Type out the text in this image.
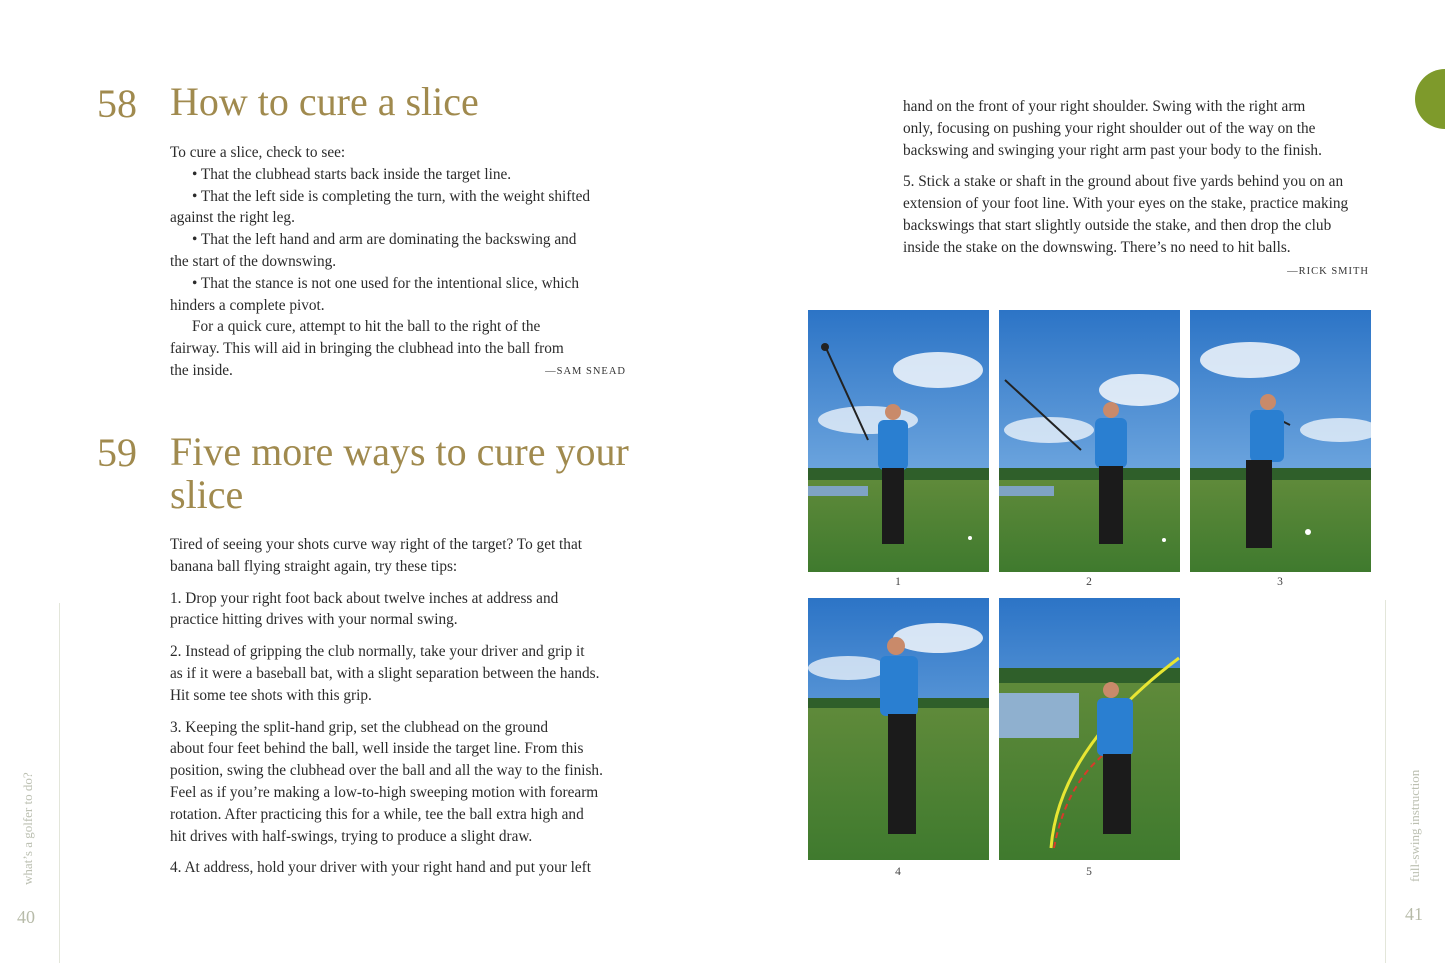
58 How to cure a slice

To cure a slice, check to see:

• That the clubhead starts back inside the target line.

• That the left side is completing the turn, with the weight shifted

against the right leg.

• That the left hand and arm are dominating the backswing and

the start of the downswing.

• That the stance is not one used for the intentional slice, which

hinders a complete pivot.

For a quick cure, attempt to hit the ball to the right of the

fairway. This will aid in bringing the clubhead into the ball from

the inside.	—SAM SNEAD

59 Five more ways to cure your
slice

Tired of seeing your shots curve way right of the target? To get that

banana ball flying straight again, try these tips:

1. Drop your right foot back about twelve inches at address and

practice hitting drives with your normal swing.

2. Instead of gripping the club normally, take your driver and grip it

as if it were a baseball bat, with a slight separation between the hands.

Hit some tee shots with this grip.

3. Keeping the split-hand grip, set the clubhead on the ground

about four feet behind the ball, well inside the target line. From this

position, swing the clubhead over the ball and all the way to the finish.

Feel as if you’re making a low-to-high sweeping motion with forearm

rotation. After practicing this for a while, tee the ball extra high and

hit drives with half-swings, trying to produce a slight draw.

4. At address, hold your driver with your right hand and put your left

what’s a golfer to do?
40

hand on the front of your right shoulder. Swing with the right arm

only, focusing on pushing your right shoulder out of the way on the

backswing and swinging your right arm past your body to the finish.

5. Stick a stake or shaft in the ground about five yards behind you on an

extension of your foot line. With your eyes on the stake, practice making

backswings that start slightly outside the stake, and then drop the club

inside the stake on the downswing. There’s no need to hit balls.

—RICK SMITH

1	2	3
4	5	full-swing instruction
41
